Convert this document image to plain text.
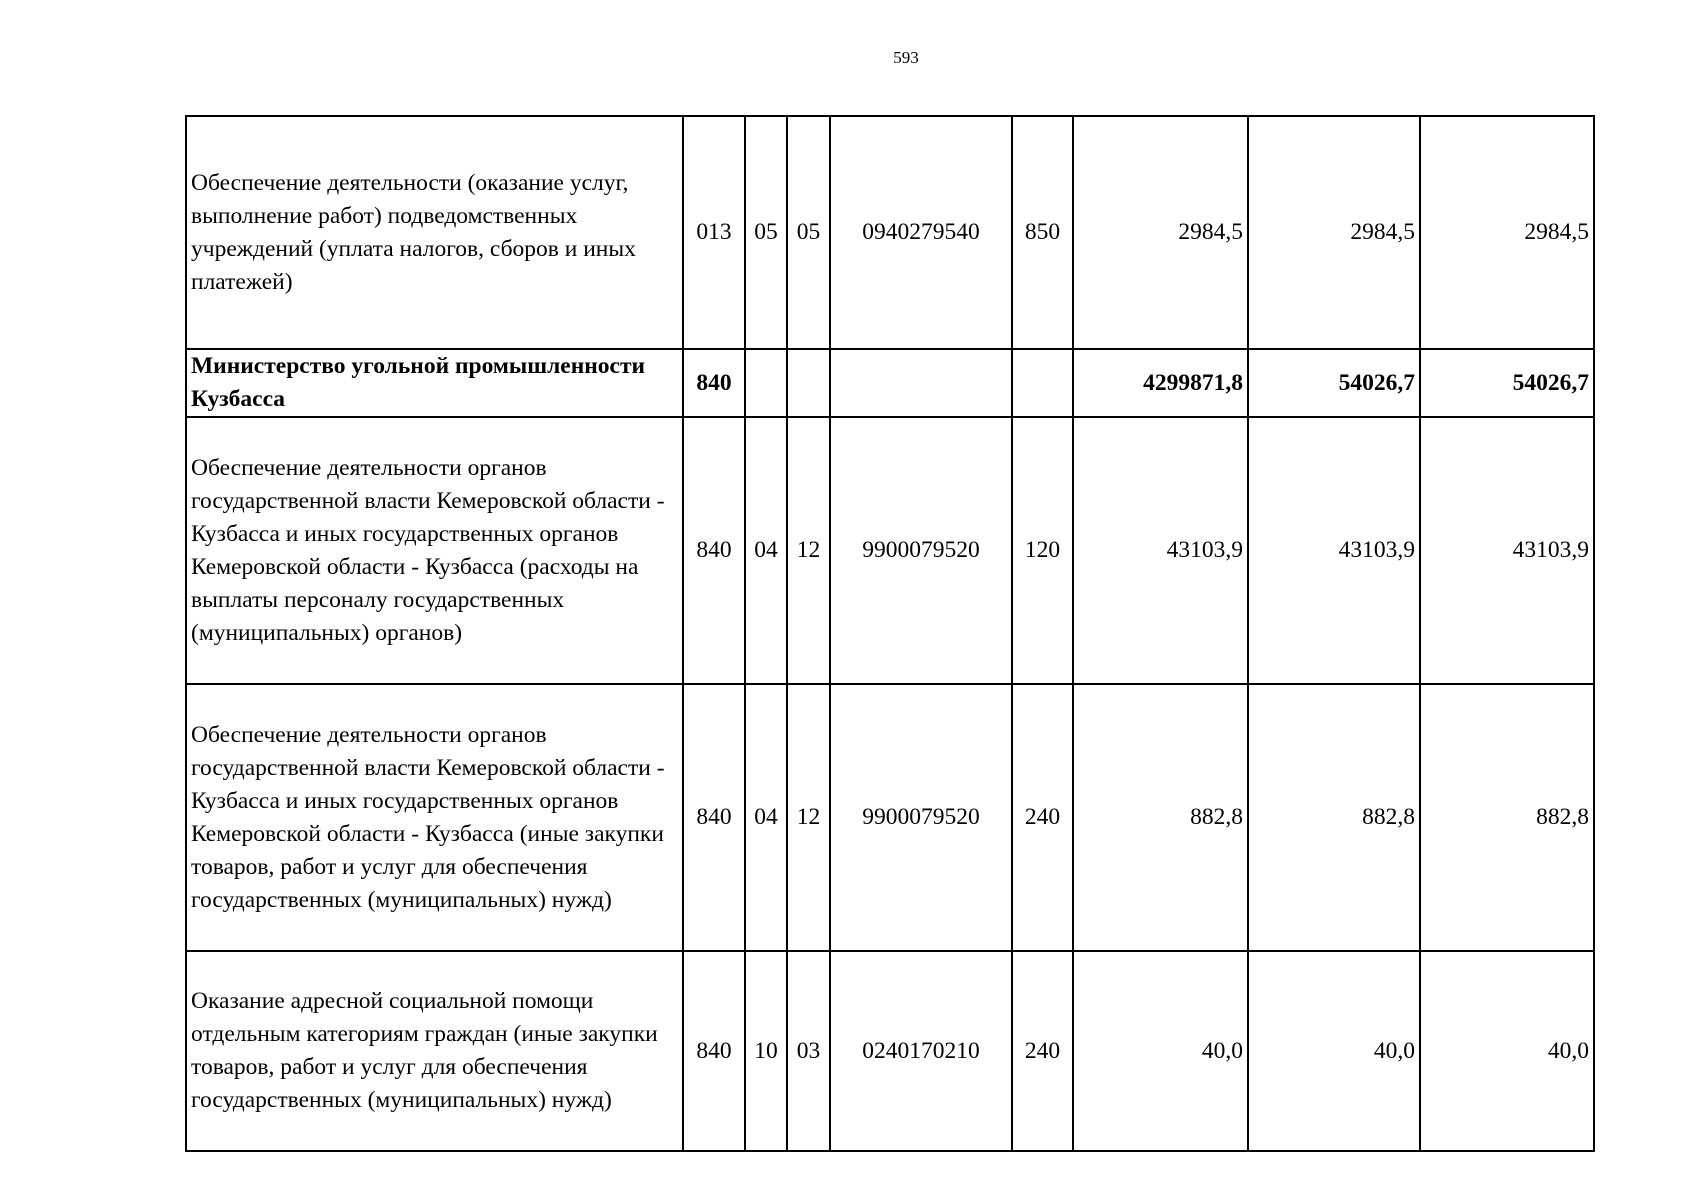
593
Обеспечение деятельности (оказание услуг, выполнение работ) подведомственных учреждений (уплата налогов, сборов и иных платежей)	013	05	05	0940279540	850	2984,5	2984,5	2984,5
Министерство угольной промышленности Кузбасса	840					4299871,8	54026,7	54026,7
Обеспечение деятельности органов государственной власти Кемеровской области - Кузбасса и иных государственных органов Кемеровской области - Кузбасса (расходы на выплаты персоналу государственных (муниципальных) органов)	840	04	12	9900079520	120	43103,9	43103,9	43103,9
Обеспечение деятельности органов государственной власти Кемеровской области - Кузбасса и иных государственных органов Кемеровской области - Кузбасса (иные закупки товаров, работ и услуг для обеспечения государственных (муниципальных) нужд)	840	04	12	9900079520	240	882,8	882,8	882,8
Оказание адресной социальной помощи отдельным категориям граждан (иные закупки товаров, работ и услуг для обеспечения государственных (муниципальных) нужд)	840	10	03	0240170210	240	40,0	40,0	40,0
